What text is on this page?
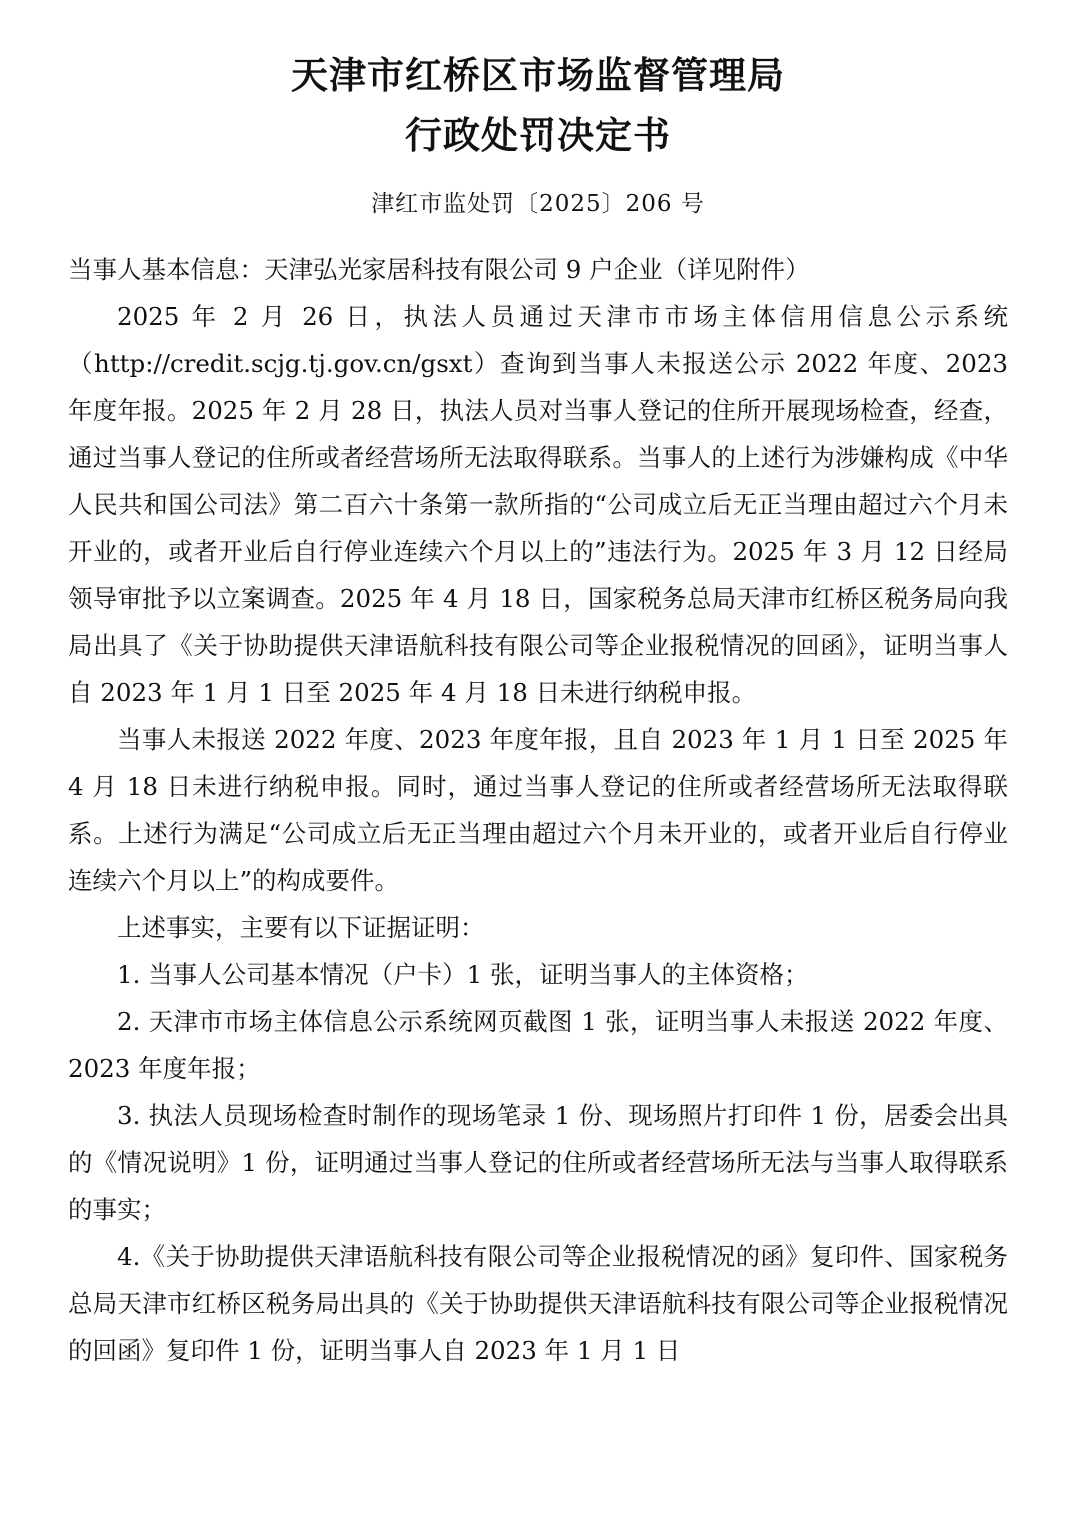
天津市红桥区市场监督管理局
行政处罚决定书
津红市监处罚〔2025〕206 号

当事人基本信息：天津弘光家居科技有限公司 9 户企业（详见附件）

2025 年 2 月 26 日，执法人员通过天津市市场主体信用信息公示系统（http://credit.scjg.tj.gov.cn/gsxt）查询到当事人未报送公示 2022 年度、2023 年度年报。2025 年 2 月 28 日，执法人员对当事人登记的住所开展现场检查，经查，通过当事人登记的住所或者经营场所无法取得联系。当事人的上述行为涉嫌构成《中华人民共和国公司法》第二百六十条第一款所指的“公司成立后无正当理由超过六个月未开业的，或者开业后自行停业连续六个月以上的”违法行为。2025 年 3 月 12 日经局领导审批予以立案调查。2025 年 4 月 18 日，国家税务总局天津市红桥区税务局向我局出具了《关于协助提供天津语航科技有限公司等企业报税情况的回函》，证明当事人自 2023 年 1 月 1 日至 2025 年 4 月 18 日未进行纳税申报。

当事人未报送 2022 年度、2023 年度年报，且自 2023 年 1 月 1 日至 2025 年 4 月 18 日未进行纳税申报。同时，通过当事人登记的住所或者经营场所无法取得联系。上述行为满足“公司成立后无正当理由超过六个月未开业的，或者开业后自行停业连续六个月以上”的构成要件。

上述事实，主要有以下证据证明：

1. 当事人公司基本情况（户卡）1 张，证明当事人的主体资格；

2. 天津市市场主体信息公示系统网页截图 1 张，证明当事人未报送 2022 年度、2023 年度年报；

3. 执法人员现场检查时制作的现场笔录 1 份、现场照片打印件 1 份，居委会出具的《情况说明》1 份，证明通过当事人登记的住所或者经营场所无法与当事人取得联系的事实；

4.《关于协助提供天津语航科技有限公司等企业报税情况的函》复印件、国家税务总局天津市红桥区税务局出具的《关于协助提供天津语航科技有限公司等企业报税情况的回函》复印件 1 份，证明当事人自 2023 年 1 月 1 日
